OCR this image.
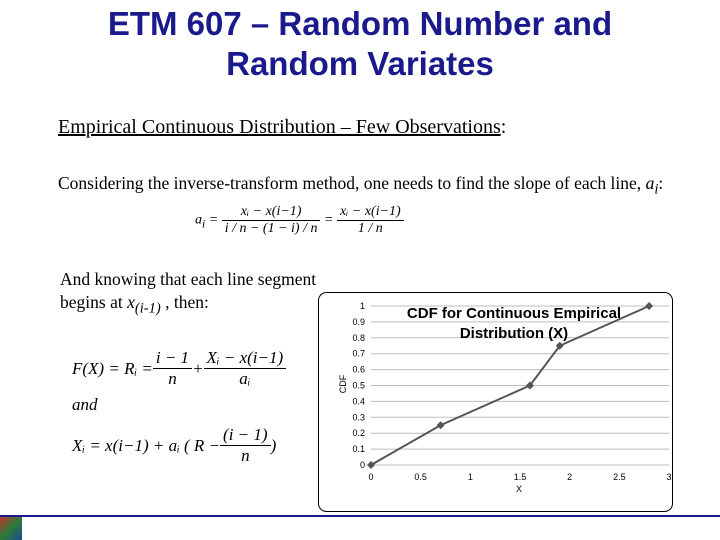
ETM 607 – Random Number and
Random Variates
Empirical Continuous Distribution – Few Observations:
Considering the inverse-transform method, one needs to find the slope of each line, $a_i$:
$a_i = \frac{\text{xᵢ − x(i−1)}}{i / n - (1 - i) / n} = \frac{\text{xᵢ − x(i−1)}}{1 / n}$
And knowing that each line segment begins at $x_{(i-1)}$ , then:
F(X) = Rᵢ = $\frac{i - 1}{n} + \frac{\text{Xᵢ − x(i−1)}}{\text{aᵢ}}$
and
Xᵢ = x(i−1) + aᵢ ( $R - \frac{(i - 1)}{n}$ )
0
0.1
0.2
0.3
0.4
0.5
0.6
0.7
0.8
0.9
1
0	0.5	1	1.5	2	2.5	3
CDF for Continuous Empirical
Distribution (X)
CDF
X
